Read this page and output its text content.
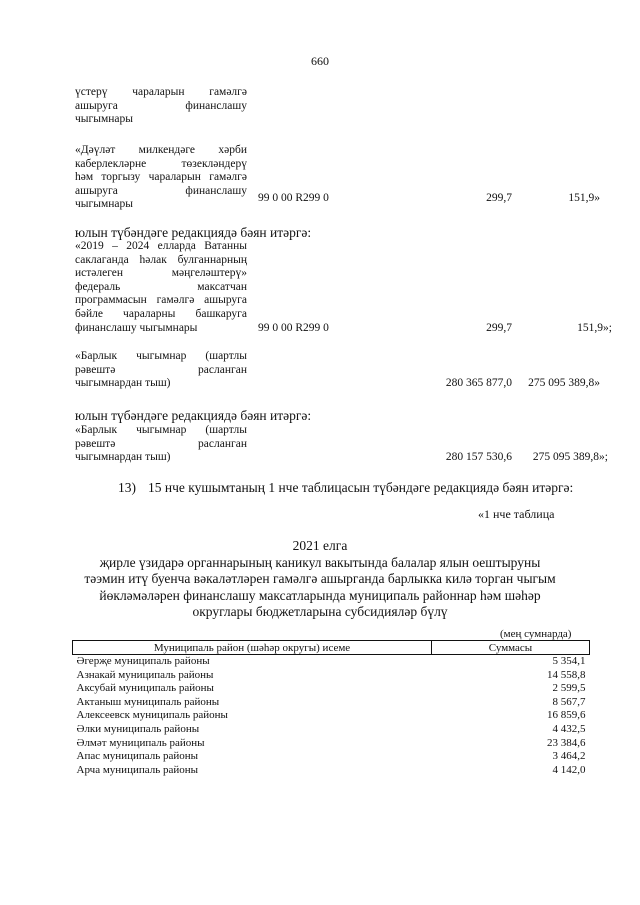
660
үстерү чараларын гамәлгә
ашыруга финанслашу
чыгымнары
«Дәүләт милкендәге хәрби
каберлекләрне төзекләндерү
һәм торгызу чараларын гамәлгә
ашыруга финанслашу
чыгымнары
99 0 00 R299 0	299,7	151,9»
юлын түбәндәге редакциядә бәян итәргә:
«2019 – 2024 елларда Ватанны
саклаганда һәлак булганнарның
истәлеген мәңгеләштерү»
федераль максатчан
программасын гамәлгә ашыруга
бәйле чараларны башкаруга
финанслашу чыгымнары	99 0 00 R299 0	299,7	151,9»;
«Барлык чыгымнар (шартлы
рәвештә расланган
чыгымнардан тыш)	280 365 877,0	275 095 389,8»
юлын түбәндәге редакциядә бәян итәргә:
«Барлык чыгымнар (шартлы
рәвештә расланган
чыгымнардан тыш)	280 157 530,6	275 095 389,8»;
13) 15 нче кушымтаның 1 нче таблицасын түбәндәге редакциядә бәян итәргә:
«1 нче таблица
2021 елга
җирле үзидарә органнарының каникул вакытында балалар ялын оештыруны
тәэмин итү буенча вәкаләтләрен гамәлгә ашырганда барлыкка килә торган чыгым
йөкләмәләрен финанслашу максатларында муниципаль районнар һәм шәһәр
округлары бюджетларына субсидияләр бүлү
(мең сумнарда)
Муниципаль район (шәһәр округы) исеме	Суммасы
Әгерҗе муниципаль районы	5 354,1
Азнакай муниципаль районы	14 558,8
Аксубай муниципаль районы	2 599,5
Актаныш муниципаль районы	8 567,7
Алексеевск муниципаль районы	16 859,6
Әлки муниципаль районы	4 432,5
Әлмәт муниципаль районы	23 384,6
Апас муниципаль районы	3 464,2
Арча муниципаль районы	4 142,0
